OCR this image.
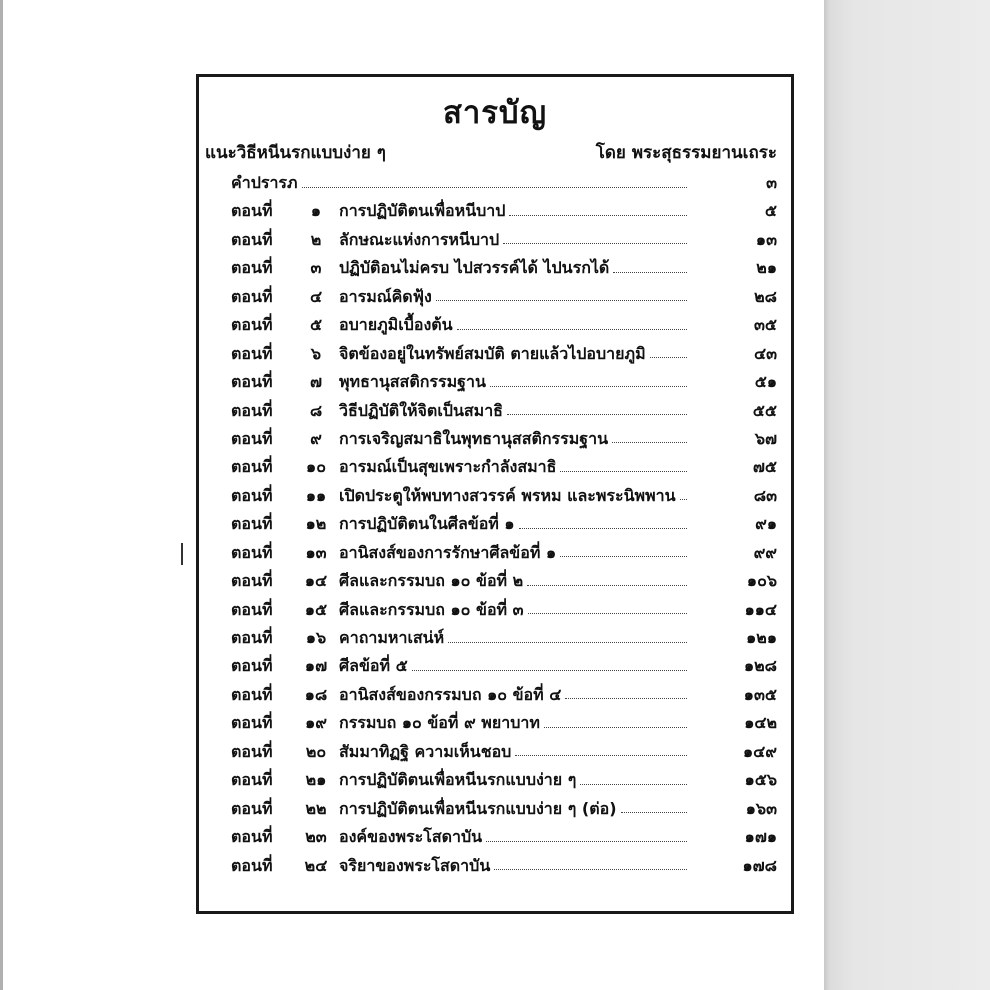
สารบัญ
แนะวิธีหนีนรกแบบง่าย ๆ	โดย พระสุธรรมยานเถระ
คำปรารภ	๓
ตอนที่	๑	การปฏิบัติตนเพื่อหนีบาป	๕
ตอนที่	๒	ลักษณะแห่งการหนีบาป	๑๓
ตอนที่	๓	ปฏิบัติอนไม่ครบ ไปสวรรค์ได้ ไปนรกได้	๒๑
ตอนที่	๔	อารมณ์คิดฟุ้ง	๒๘
ตอนที่	๕	อบายภูมิเบื้องต้น	๓๕
ตอนที่	๖	จิตข้องอยู่ในทรัพย์สมบัติ ตายแล้วไปอบายภูมิ	๔๓
ตอนที่	๗	พุทธานุสสติกรรมฐาน	๕๑
ตอนที่	๘	วิธีปฏิบัติให้จิตเป็นสมาธิ	๕๕
ตอนที่	๙	การเจริญสมาธิในพุทธานุสสติกรรมฐาน	๖๗
ตอนที่	๑๐ อารมณ์เป็นสุขเพราะกำลังสมาธิ	๗๕
ตอนที่	๑๑ เปิดประตูให้พบทางสวรรค์ พรหม และพระนิพพาน	๘๓
ตอนที่ ๑๒ การปฏิบัติตนในศีลข้อที่ ๑	๙๑
ตอนที่ ๑๓ อานิสงส์ของการรักษาศีลข้อที่ ๑	๙๙
ตอนที่ ๑๔ ศีลและกรรมบถ ๑๐ ข้อที่ ๒	๑๐๖
ตอนที่ ๑๕ ศีลและกรรมบถ ๑๐ ข้อที่ ๓	๑๑๔
ตอนที่	๑๖ คาถามหาเสน่ห์	๑๒๑
ตอนที่ ๑๗ ศีลข้อที่ ๕	๑๒๘
ตอนที่ ๑๘ อานิสงส์ของกรรมบถ ๑๐ ข้อที่ ๔	๑๓๕
ตอนที่ ๑๙ กรรมบถ ๑๐ ข้อที่ ๙ พยาบาท	๑๔๒
ตอนที่	๒๐ สัมมาทิฏฐิ ความเห็นชอบ	๑๔๙
ตอนที่ ๒๑ การปฏิบัติตนเพื่อหนีนรกแบบง่าย ๆ	๑๕๖
ตอนที่ ๒๒ การปฏิบัติตนเพื่อหนีนรกแบบง่าย ๆ (ต่อ)	๑๖๓
ตอนที่ ๒๓ องค์ของพระโสดาบัน	๑๗๑
ตอนที่ ๒๔ จริยาของพระโสดาบัน	๑๗๘
